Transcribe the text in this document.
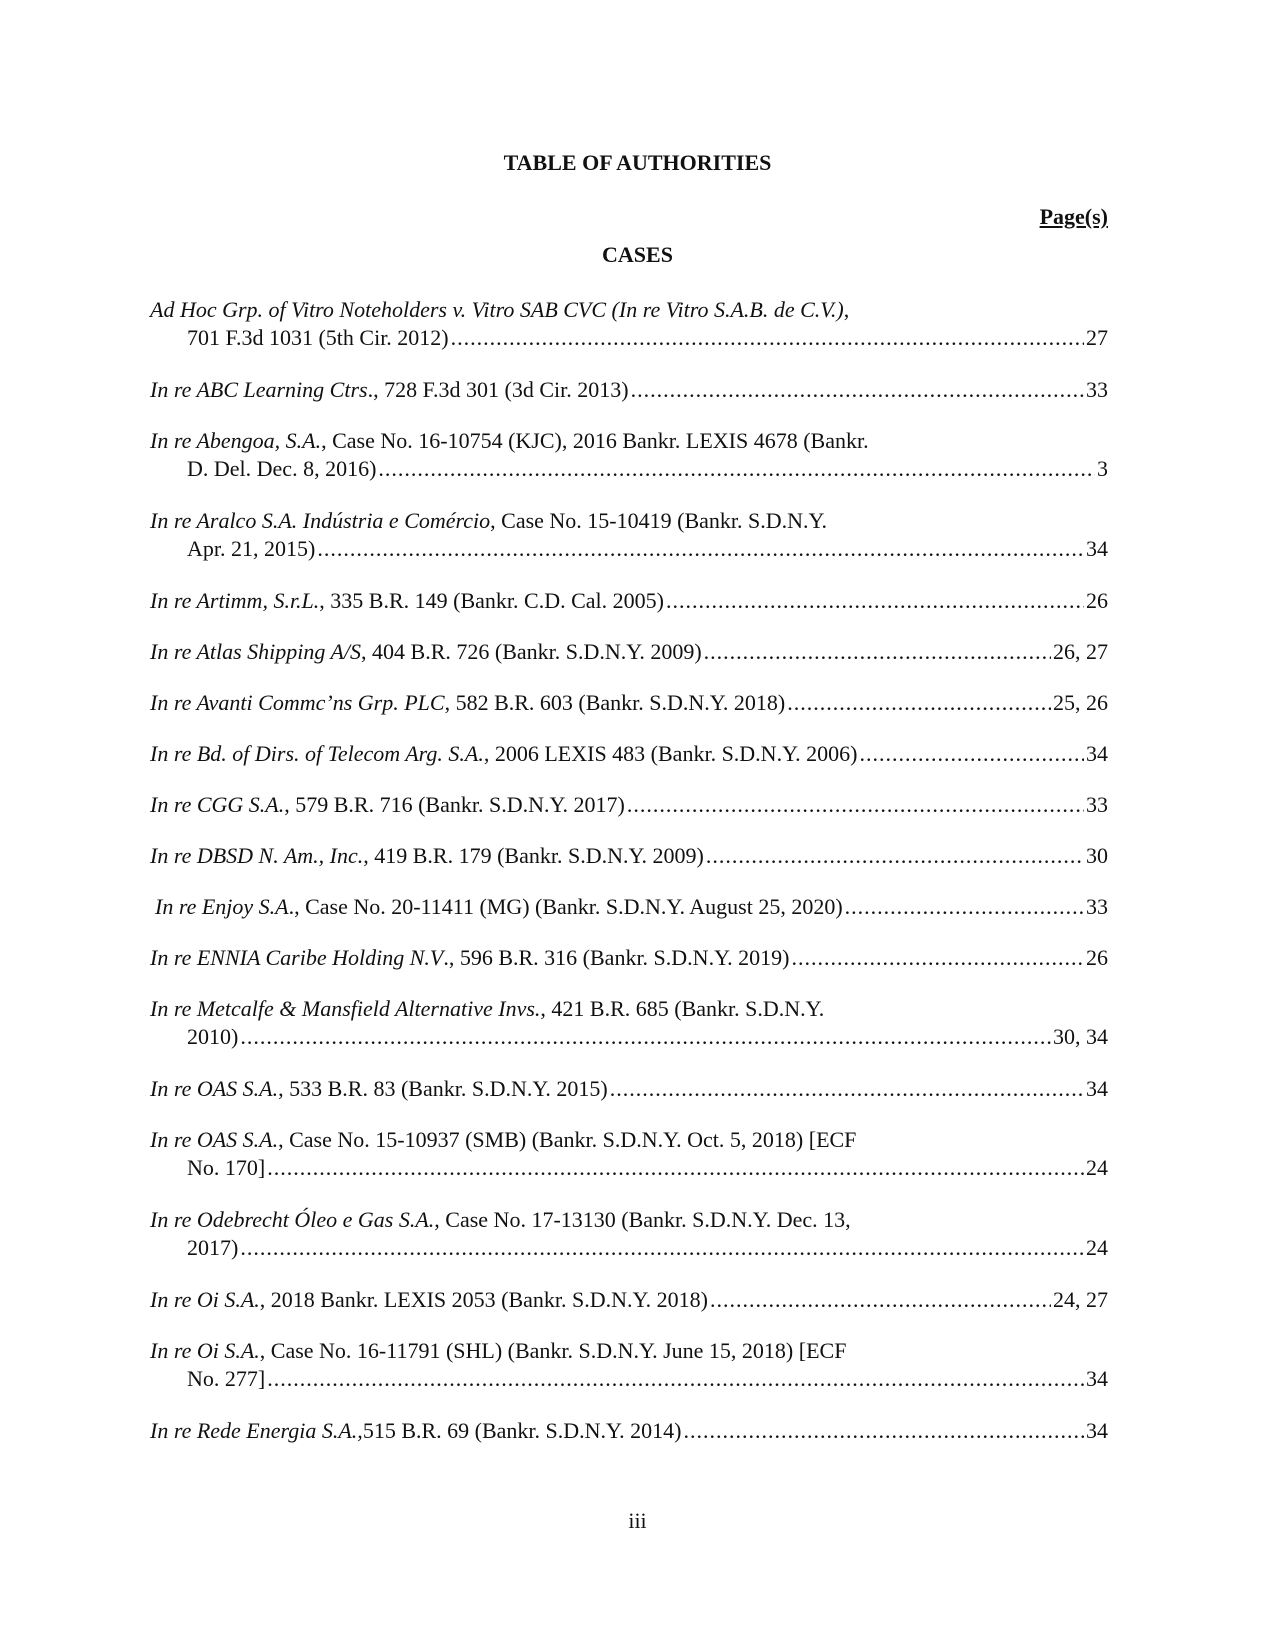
TABLE OF AUTHORITIES
Page(s)
CASES
Ad Hoc Grp. of Vitro Noteholders v. Vitro SAB CVC (In re Vitro S.A.B. de C.V.),
701 F.3d 1031 (5th Cir. 2012) .....	27
In re ABC Learning Ctrs ., 728 F.3d 301 (3d Cir. 2013) .....	33
In re Abengoa, S.A., Case No. 16-10754 (KJC), 2016 Bankr. LEXIS 4678 (Bankr.
D. Del. Dec. 8, 2016) .....	3
In re Aralco S.A. Indústria e Comércio, Case No. 15-10419 (Bankr. S.D.N.Y.
Apr. 21, 2015) .....	34
In re Artimm, S.r.L. , 335 B.R. 149 (Bankr. C.D. Cal. 2005) .....	26
In re Atlas Shipping A/S , 404 B.R. 726 (Bankr. S.D.N.Y. 2009) .....	26, 27
In re Avanti Commc’ns Grp. PLC , 582 B.R. 603 (Bankr. S.D.N.Y. 2018) .....	25, 26
In re Bd. of Dirs. of Telecom Arg. S.A. , 2006 LEXIS 483 (Bankr. S.D.N.Y. 2006) .....	34
In re CGG S.A. , 579 B.R. 716 (Bankr. S.D.N.Y. 2017) .....	33
In re DBSD N. Am., Inc. , 419 B.R. 179 (Bankr. S.D.N.Y. 2009) .....	30
In re Enjoy S.A ., Case No. 20-11411 (MG) (Bankr. S.D.N.Y. August 25, 2020) .....	33
In re ENNIA Caribe Holding N.V ., 596 B.R. 316 (Bankr. S.D.N.Y. 2019) .....	26
In re Metcalfe & Mansfield Alternative Invs., 421 B.R. 685 (Bankr. S.D.N.Y.
2010) .....	30, 34
In re OAS S.A. , 533 B.R. 83 (Bankr. S.D.N.Y. 2015) .....	34
In re OAS S.A., Case No. 15-10937 (SMB) (Bankr. S.D.N.Y. Oct. 5, 2018) [ECF
No. 170] .....	24
In re Odebrecht Óleo e Gas S.A., Case No. 17-13130 (Bankr. S.D.N.Y. Dec. 13,
2017) .....	24
In re Oi S.A. , 2018 Bankr. LEXIS 2053 (Bankr. S.D.N.Y. 2018) .....	24, 27
In re Oi S.A., Case No. 16-11791 (SHL) (Bankr. S.D.N.Y. June 15, 2018) [ECF
No. 277] .....	34
In re Rede Energia S.A., 515 B.R. 69 (Bankr. S.D.N.Y. 2014) .....	34
iii
